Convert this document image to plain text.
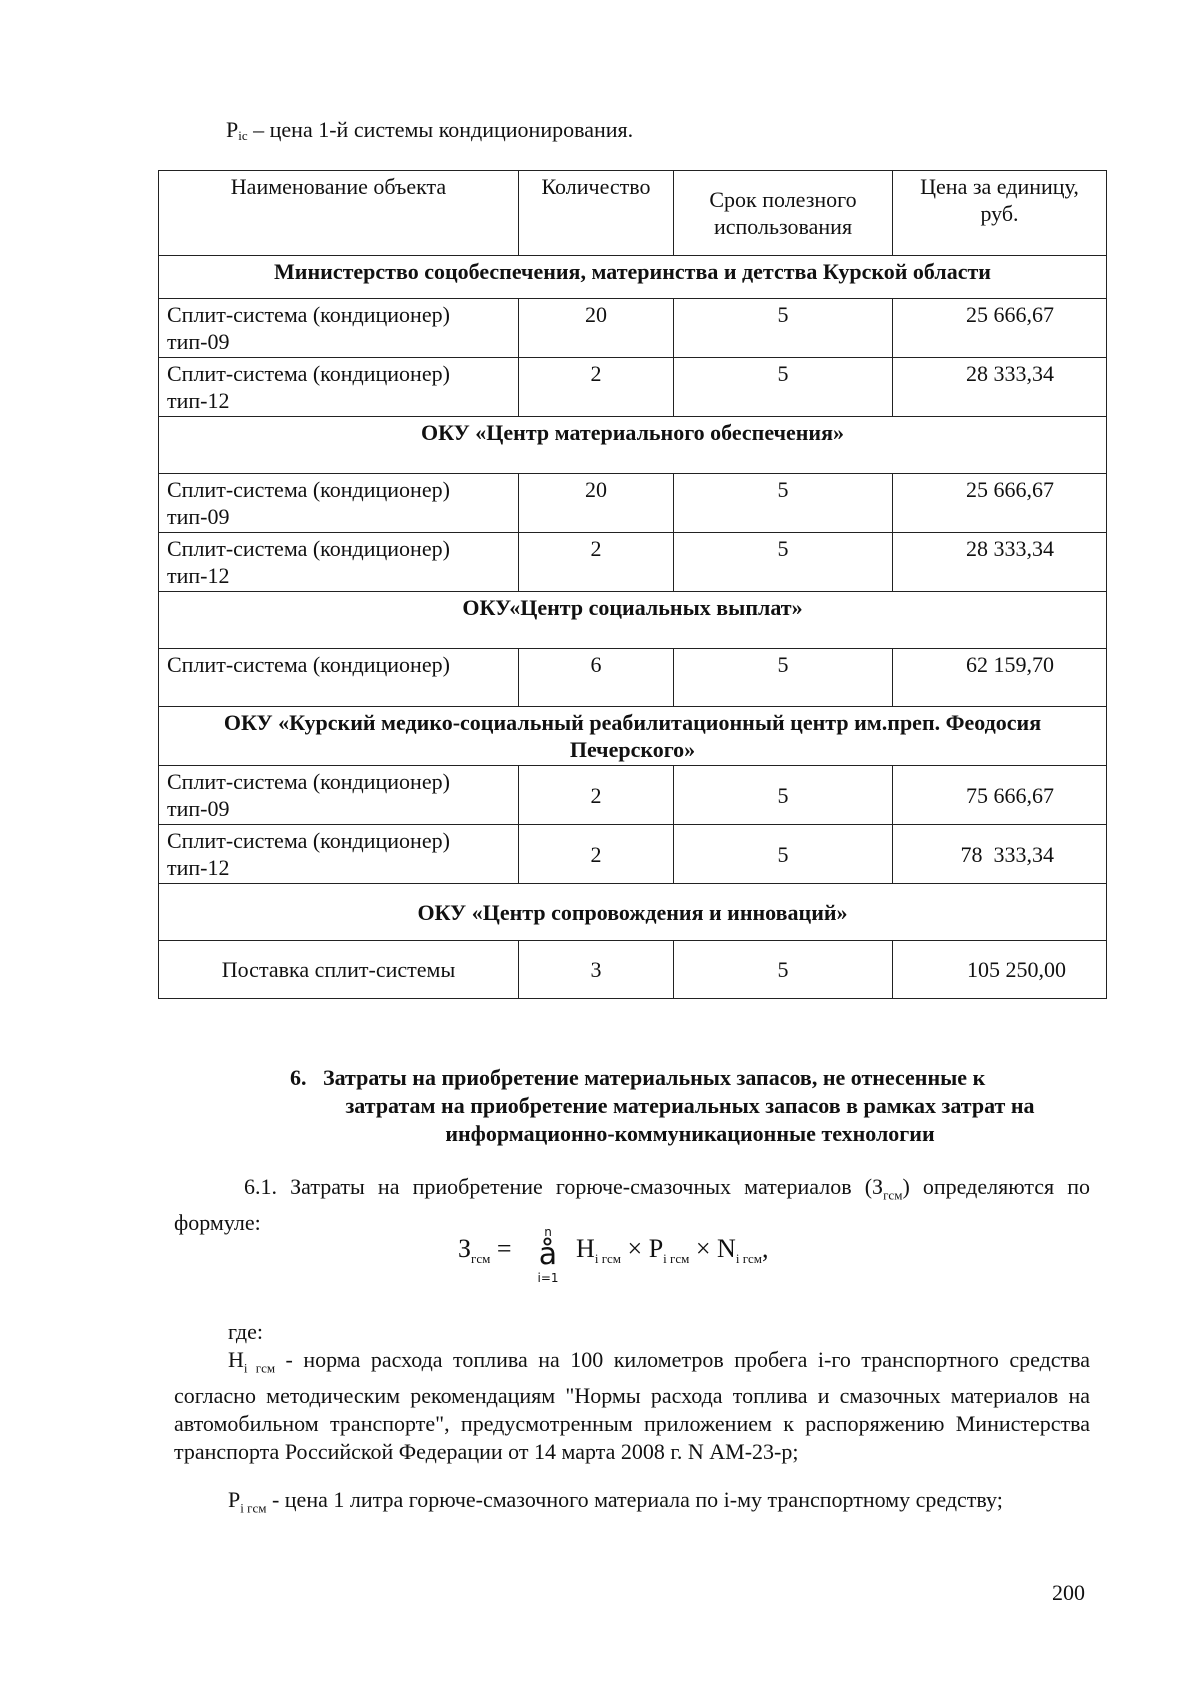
$P_{ic}$ – цена 1-й системы кондиционирования.
Наименование объекта	Количество	Срок полезного использования	Цена за единицу, руб.
Министерство соцобеспечения, материнства и детства Курской области			
Сплит-система (кондиционер) тип-09	20	5	25 666,67
Сплит-система (кондиционер) тип-12	2	5	28 333,34
ОКУ «Центр материального обеспечения»			
Сплит-система (кондиционер) тип-09	20	5	25 666,67
Сплит-система (кондиционер) тип-12	2	5	28 333,34
ОКУ«Центр социальных выплат»			
Сплит-система (кондиционер)	6	5	62 159,70
ОКУ «Курский медико-социальный реабилитационный центр им.преп. Феодосия Печерского»			
Сплит-система (кондиционер) тип-09	2	5	75 666,67
Сплит-система (кондиционер) тип-12	2	5	78  333,34
ОКУ «Центр сопровождения и инноваций»			
Поставка сплит-системы	3	5	105 250,00
6.   Затраты на приобретение материальных запасов, не отнесенные к
затратам на приобретение материальных запасов в рамках затрат на
информационно-коммуникационные технологии
6.1. Затраты на приобретение горюче-смазочных материалов $(З_{гсм})$ определяются по формуле:
$З_{гсм} = Н_{i гсм} \times P_{i гсм} \times N_{i гсм}$,
n
å
i=1
где:
$Н_{i гсм}$ - норма расхода топлива на 100 километров пробега i-го транспортного средства согласно методическим рекомендациям "Нормы расхода топлива и смазочных материалов на автомобильном транспорте", предусмотренным приложением к распоряжению Министерства транспорта Российской Федерации от 14 марта 2008 г. N АМ-23-р;
$P_{i гсм}$ - цена 1 литра горюче-смазочного материала по i-му транспортному средству;
200
